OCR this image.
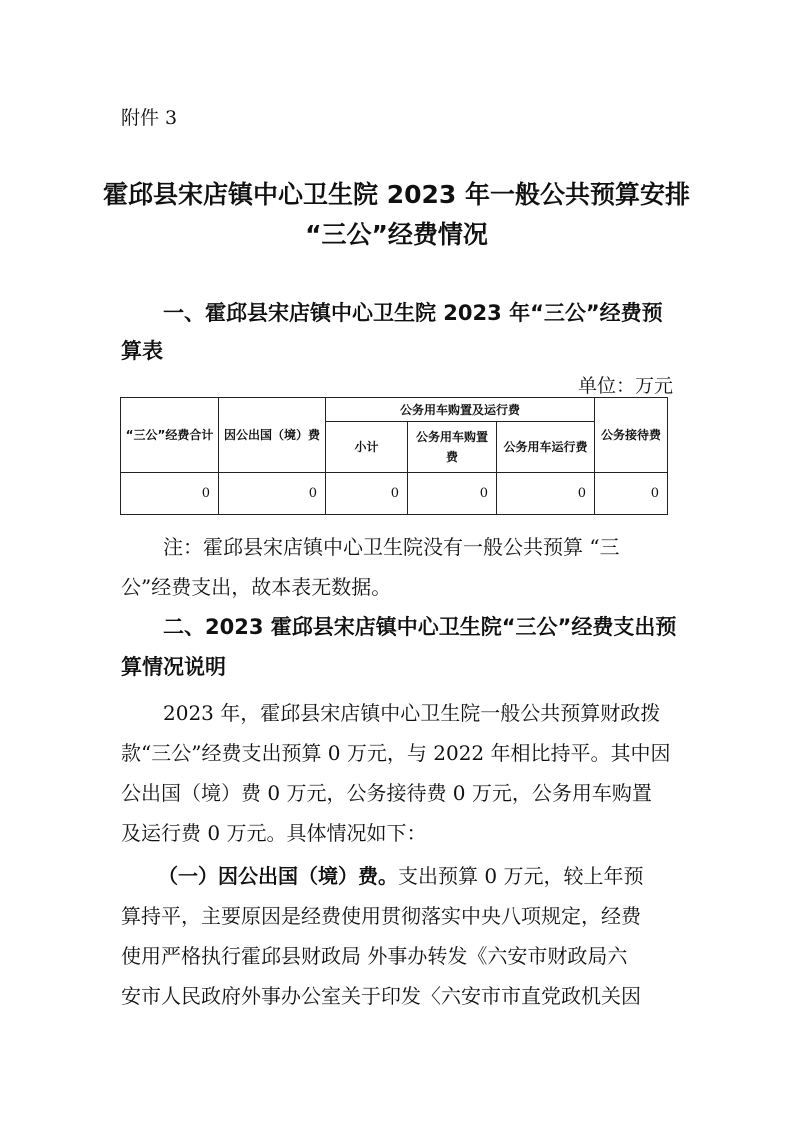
附件 3
霍邱县宋店镇中心卫生院 2023 年一般公共预算安排
“三公”经费情况
一、霍邱县宋店镇中心卫生院 2023 年“三公”经费预
算表
单位：万元
“三公”经费合计	因公出国（境）费	公务用车购置及运行费			公务接待费
		小计	公务用车购置费	公务用车运行费	
0	0	0	0	0	0
注：霍邱县宋店镇中心卫生院没有一般公共预算 “三
公”经费支出，故本表无数据。
二、2023 霍邱县宋店镇中心卫生院“三公”经费支出预
算情况说明
2023 年，霍邱县宋店镇中心卫生院一般公共预算财政拨
款“三公”经费支出预算 0 万元，与 2022 年相比持平。其中因
公出国（境）费 0 万元，公务接待费 0 万元，公务用车购置
及运行费 0 万元。具体情况如下：
（一）因公出国（境）费。支出预算 0 万元，较上年预
算持平，主要原因是经费使用贯彻落实中央八项规定，经费
使用严格执行霍邱县财政局 外事办转发《六安市财政局六
安市人民政府外事办公室关于印发〈六安市市直党政机关因
